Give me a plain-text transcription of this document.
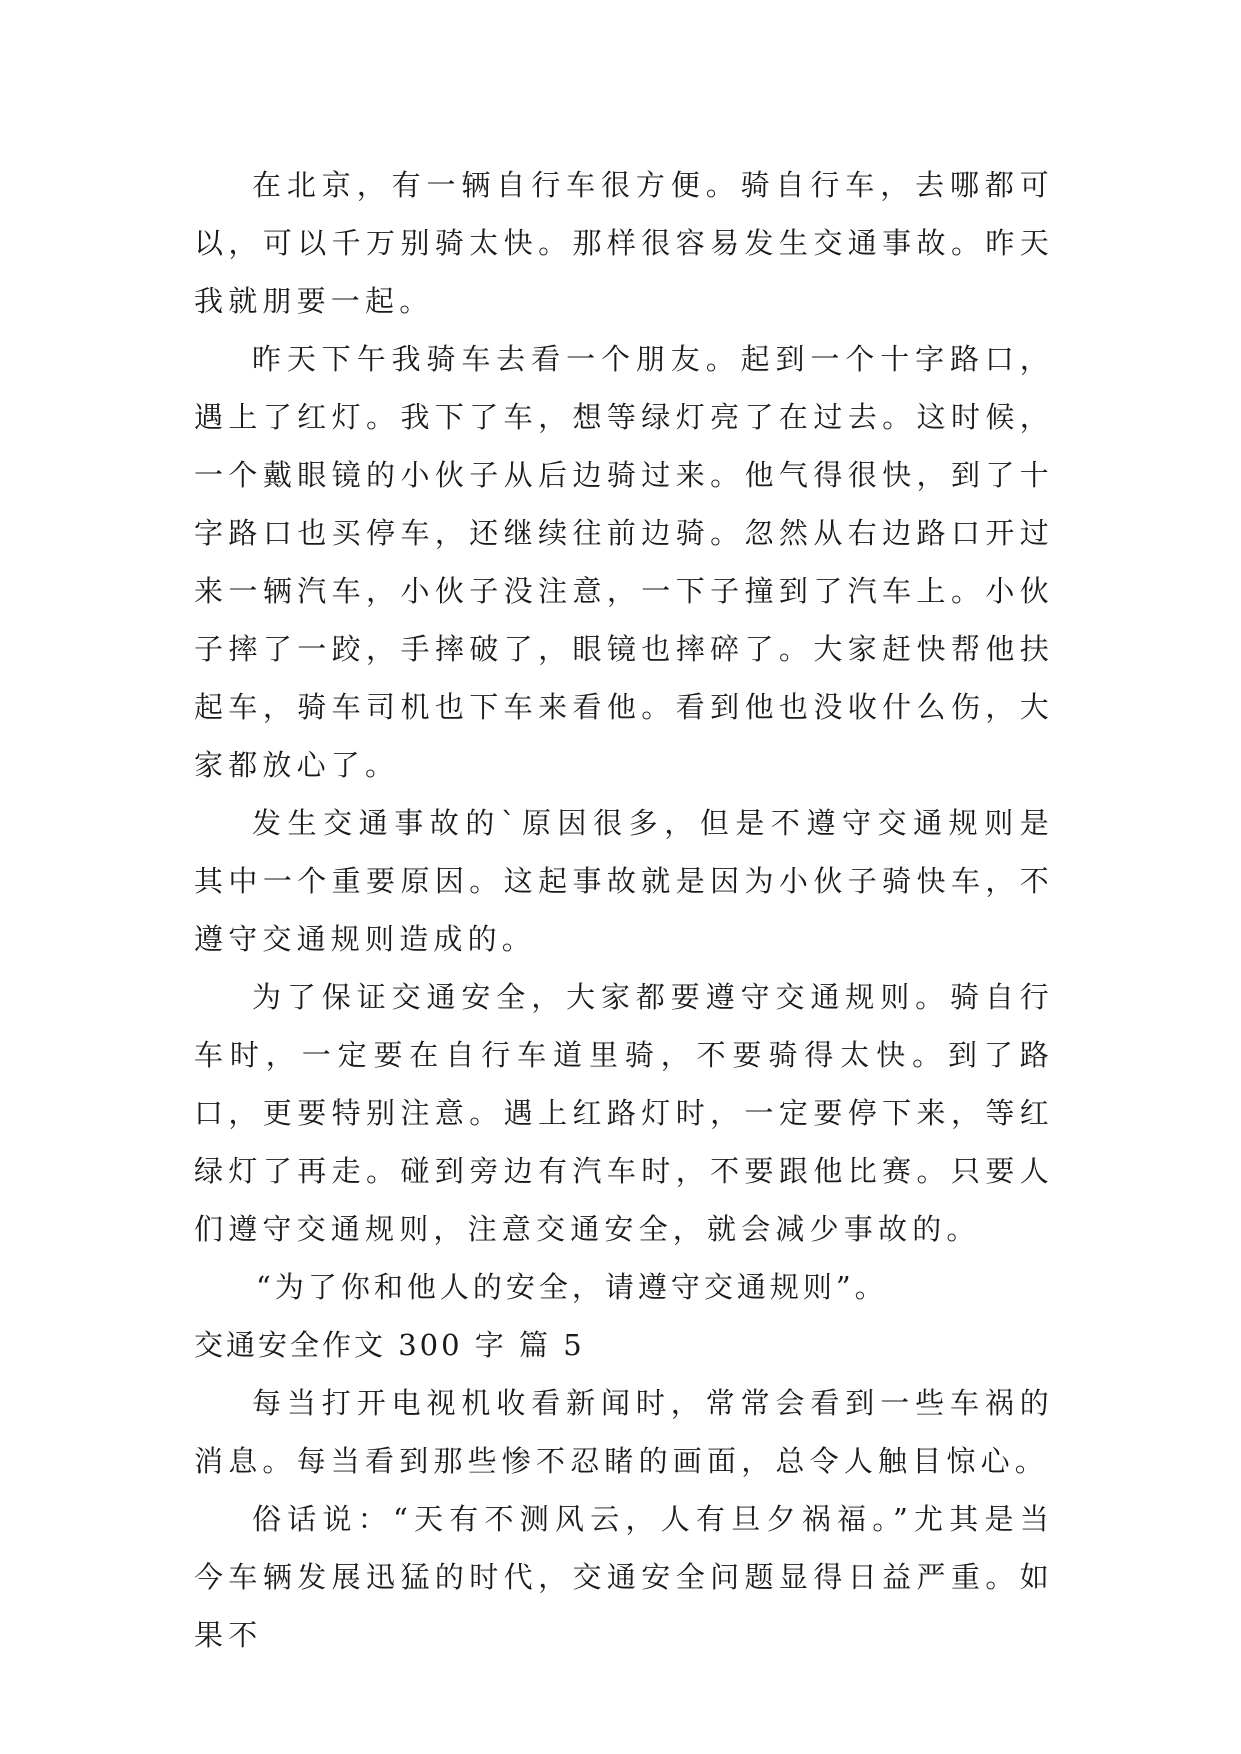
在北京，有一辆自行车很方便。骑自行车，去哪都可以，可以千万别骑太快。那样很容易发生交通事故。昨天我就朋要一起。

昨天下午我骑车去看一个朋友。起到一个十字路口，遇上了红灯。我下了车，想等绿灯亮了在过去。这时候，一个戴眼镜的小伙子从后边骑过来。他气得很快，到了十字路口也买停车，还继续往前边骑。忽然从右边路口开过来一辆汽车，小伙子没注意，一下子撞到了汽车上。小伙子摔了一跤，手摔破了，眼镜也摔碎了。大家赶快帮他扶起车，骑车司机也下车来看他。看到他也没收什么伤，大家都放心了。

发生交通事故的`原因很多，但是不遵守交通规则是其中一个重要原因。这起事故就是因为小伙子骑快车，不遵守交通规则造成的。

为了保证交通安全，大家都要遵守交通规则。骑自行车时，一定要在自行车道里骑，不要骑得太快。到了路口，更要特别注意。遇上红路灯时，一定要停下来，等红绿灯了再走。碰到旁边有汽车时，不要跟他比赛。只要人们遵守交通规则，注意交通安全，就会减少事故的。

“为了你和他人的安全，请遵守交通规则”。

交通安全作文 300 字 篇 5

每当打开电视机收看新闻时，常常会看到一些车祸的消息。每当看到那些惨不忍睹的画面，总令人触目惊心。

俗话说：“天有不测风云，人有旦夕祸福。”尤其是当今车辆发展迅猛的时代，交通安全问题显得日益严重。如果不
